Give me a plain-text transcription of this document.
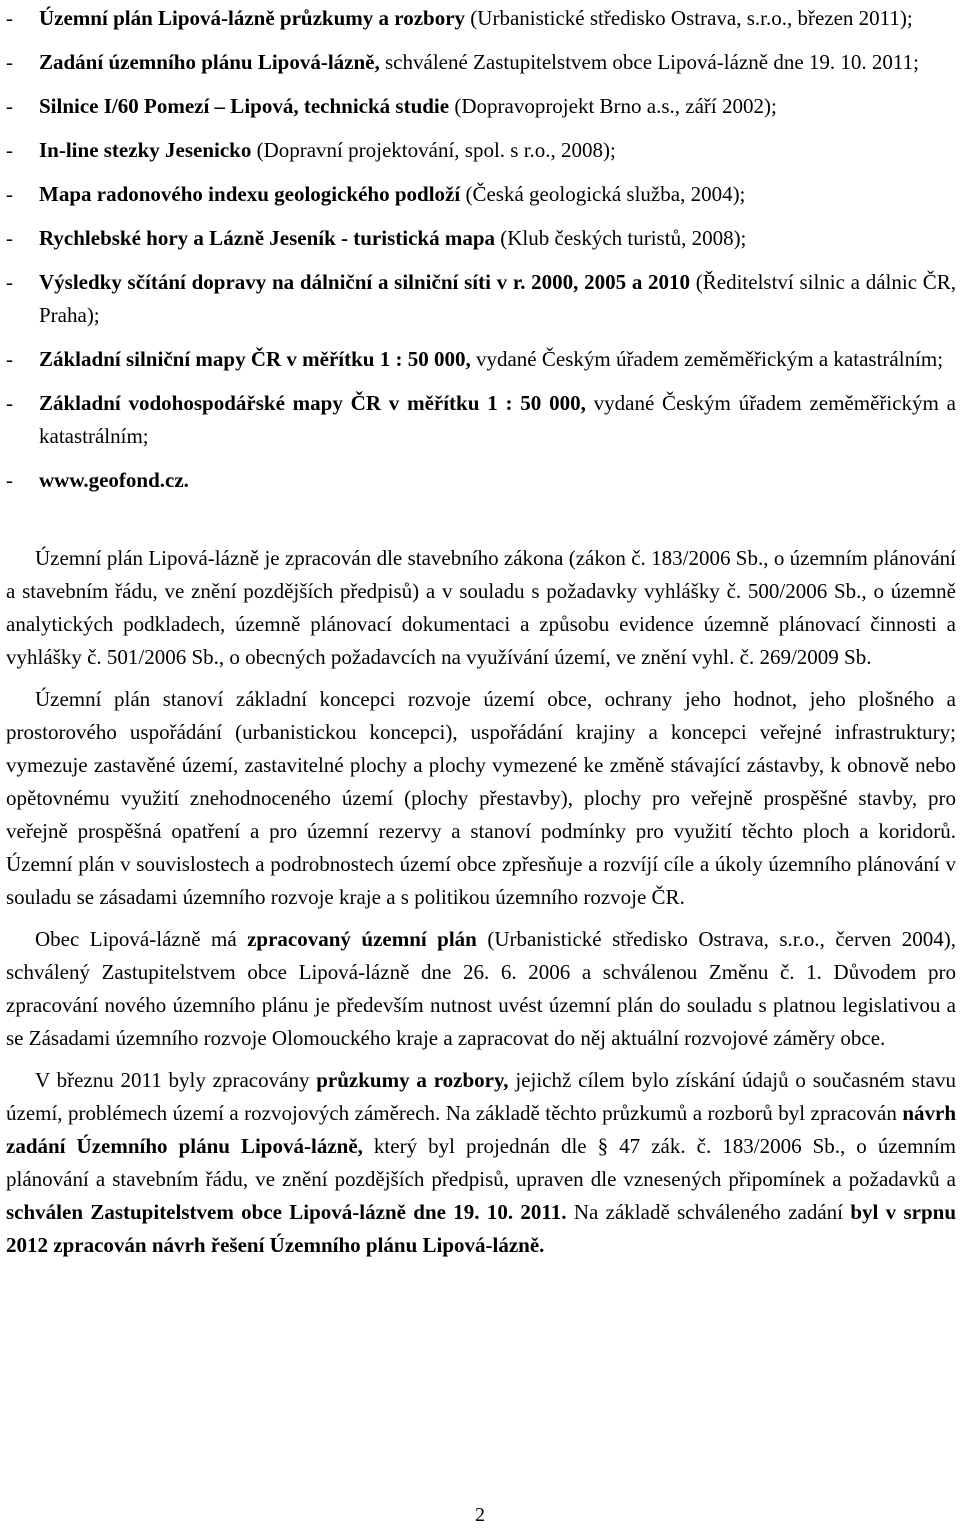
- Územní plán Lipová-lázně průzkumy a rozbory (Urbanistické středisko Ostrava, s.r.o., březen 2011);
- Zadání územního plánu Lipová-lázně, schválené Zastupitelstvem obce Lipová-lázně dne 19. 10. 2011;
- Silnice I/60 Pomezí – Lipová, technická studie (Dopravoprojekt Brno a.s., září 2002);
- In-line stezky Jesenicko (Dopravní projektování, spol. s r.o., 2008);
- Mapa radonového indexu geologického podloží (Česká geologická služba, 2004);
- Rychlebské hory a Lázně Jeseník - turistická mapa (Klub českých turistů, 2008);
- Výsledky sčítání dopravy na dálniční a silniční síti v r. 2000, 2005 a 2010 (Ředitelství silnic a dálnic ČR, Praha);
- Základní silniční mapy ČR v měřítku 1 : 50 000, vydané Českým úřadem zeměměřickým a katastrálním;
- Základní vodohospodářské mapy ČR v měřítku 1 : 50 000, vydané Českým úřadem zeměměřickým a katastrálním;
- www.geofond.cz.

Územní plán Lipová-lázně je zpracován dle stavebního zákona (zákon č. 183/2006 Sb., o územním plánování a stavebním řádu, ve znění pozdějších předpisů) a v souladu s požadavky vyhlášky č. 500/2006 Sb., o územně analytických podkladech, územně plánovací dokumentaci a způsobu evidence územně plánovací činnosti a vyhlášky č. 501/2006 Sb., o obecných požadavcích na využívání území, ve znění vyhl. č. 269/2009 Sb.

Územní plán stanoví základní koncepci rozvoje území obce, ochrany jeho hodnot, jeho plošného a prostorového uspořádání (urbanistickou koncepci), uspořádání krajiny a koncepci veřejné infrastruktury; vymezuje zastavěné území, zastavitelné plochy a plochy vymezené ke změně stávající zástavby, k obnově nebo opětovnému využití znehodnoceného území (plochy přestavby), plochy pro veřejně prospěšné stavby, pro veřejně prospěšná opatření a pro územní rezervy a stanoví podmínky pro využití těchto ploch a koridorů. Územní plán v souvislostech a podrobnostech území obce zpřesňuje a rozvíjí cíle a úkoly územního plánování v souladu se zásadami územního rozvoje kraje a s politikou územního rozvoje ČR.

Obec Lipová-lázně má zpracovaný územní plán (Urbanistické středisko Ostrava, s.r.o., červen 2004), schválený Zastupitelstvem obce Lipová-lázně dne 26. 6. 2006 a schválenou Změnu č. 1. Důvodem pro zpracování nového územního plánu je především nutnost uvést územní plán do souladu s platnou legislativou a se Zásadami územního rozvoje Olomouckého kraje a zapracovat do něj aktuální rozvojové záměry obce.

V březnu 2011 byly zpracovány průzkumy a rozbory, jejichž cílem bylo získání údajů o současném stavu území, problémech území a rozvojových záměrech. Na základě těchto průzkumů a rozborů byl zpracován návrh zadání Územního plánu Lipová-lázně, který byl projednán dle § 47 zák. č. 183/2006 Sb., o územním plánování a stavebním řádu, ve znění pozdějších předpisů, upraven dle vznesených připomínek a požadavků a schválen Zastupitelstvem obce Lipová-lázně dne 19. 10. 2011. Na základě schváleného zadání byl v srpnu 2012 zpracován návrh řešení Územního plánu Lipová-lázně.

2
